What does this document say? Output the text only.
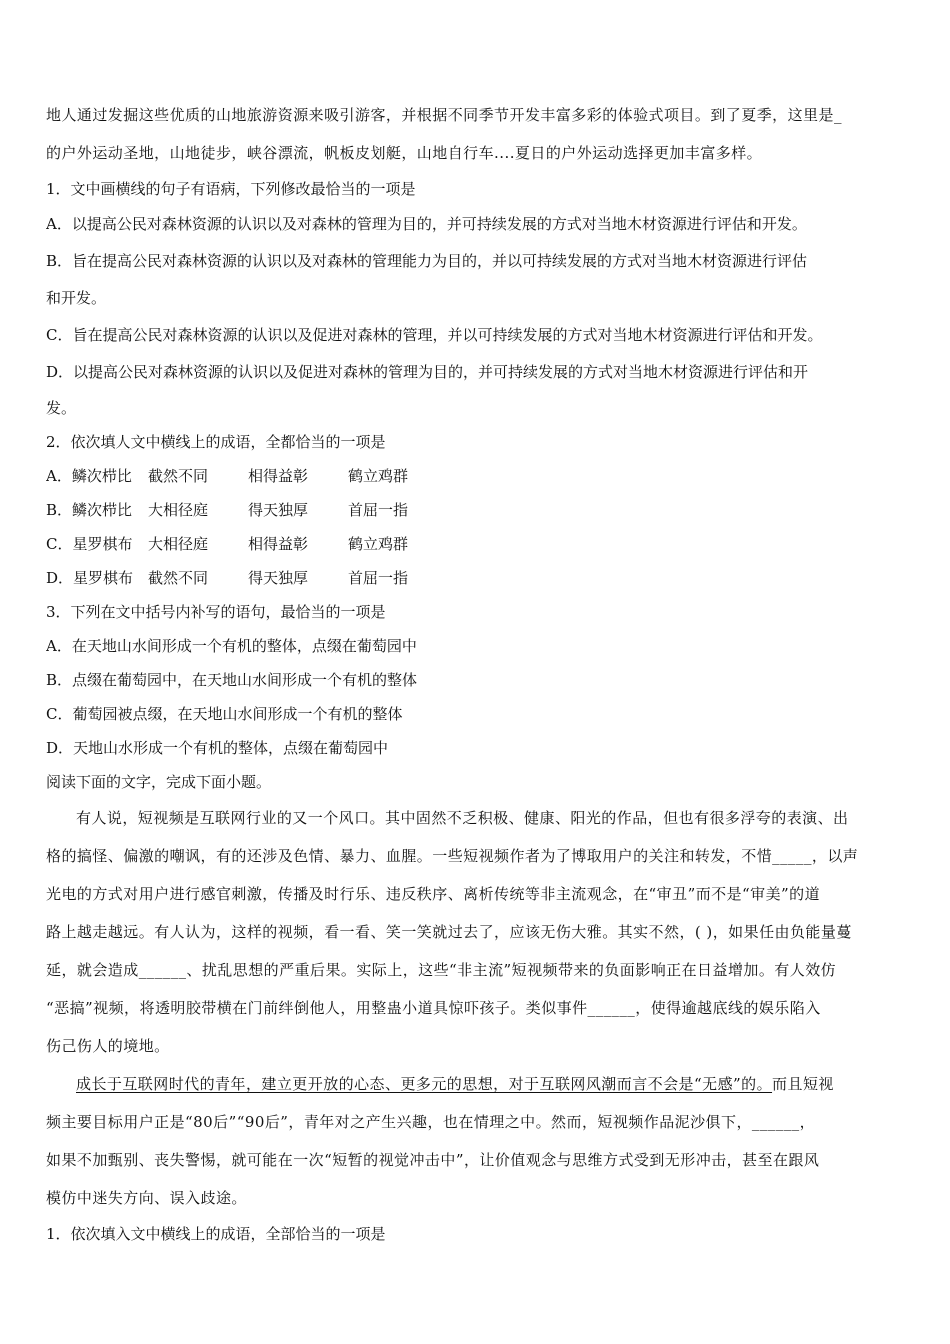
地人通过发掘这些优质的山地旅游资源来吸引游客，并根据不同季节开发丰富多彩的体验式项目。到了夏季，这里是_
的户外运动圣地，山地徒步，峡谷漂流，帆板皮划艇，山地自行车....夏日的户外运动选择更加丰富多样。
1．文中画横线的句子有语病，下列修改最恰当的一项是
A．以提高公民对森林资源的认识以及对森林的管理为目的，并可持续发展的方式对当地木材资源进行评估和开发。
B．旨在提高公民对森林资源的认识以及对森林的管理能力为目的，并以可持续发展的方式对当地木材资源进行评估
和开发。
C．旨在提高公民对森林资源的认识以及促进对森林的管理，并以可持续发展的方式对当地木材资源进行评估和开发。
D．以提高公民对森林资源的认识以及促进对森林的管理为目的，并可持续发展的方式对当地木材资源进行评估和开
发。
2．依次填人文中横线上的成语，全都恰当的一项是
A．鳞次栉比 截然不同	相得益彰	鹤立鸡群
B．鳞次栉比 大相径庭	得天独厚	首屈一指
C．星罗棋布 大相径庭	相得益彰	鹤立鸡群
D．星罗棋布 截然不同	得天独厚	首屈一指
3．下列在文中括号内补写的语句，最恰当的一项是
A．在天地山水间形成一个有机的整体，点缀在葡萄园中
B．点缀在葡萄园中，在天地山水间形成一个有机的整体
C．葡萄园被点缀，在天地山水间形成一个有机的整体
D．天地山水形成一个有机的整体，点缀在葡萄园中
阅读下面的文字，完成下面小题。
有人说，短视频是互联网行业的又一个风口。其中固然不乏积极、健康、阳光的作品，但也有很多浮夸的表演、出
格的搞怪、偏激的嘲讽，有的还涉及色情、暴力、血腥。一些短视频作者为了博取用户的关注和转发，不惜_____，以声
光电的方式对用户进行感官刺激，传播及时行乐、违反秩序、离析传统等非主流观念，在“审丑”而不是“审美”的道
路上越走越远。有人认为，这样的视频，看一看、笑一笑就过去了，应该无伤大雅。其实不然，( )，如果任由负能量蔓
延，就会造成______、扰乱思想的严重后果。实际上，这些“非主流”短视频带来的负面影响正在日益增加。有人效仿
“恶搞”视频，将透明胶带横在门前绊倒他人，用整蛊小道具惊吓孩子。类似事件______，使得逾越底线的娱乐陷入
伤己伤人的境地。
成长于互联网时代的青年，建立更开放的心态、更多元的思想，对于互联网风潮而言不会是“无感”的。而且短视
频主要目标用户正是“80后”“90后”，青年对之产生兴趣，也在情理之中。然而，短视频作品泥沙俱下，______，
如果不加甄别、丧失警惕，就可能在一次“短暂的视觉冲击中”，让价值观念与思维方式受到无形冲击，甚至在跟风
模仿中迷失方向、误入歧途。
1．依次填入文中横线上的成语，全部恰当的一项是
